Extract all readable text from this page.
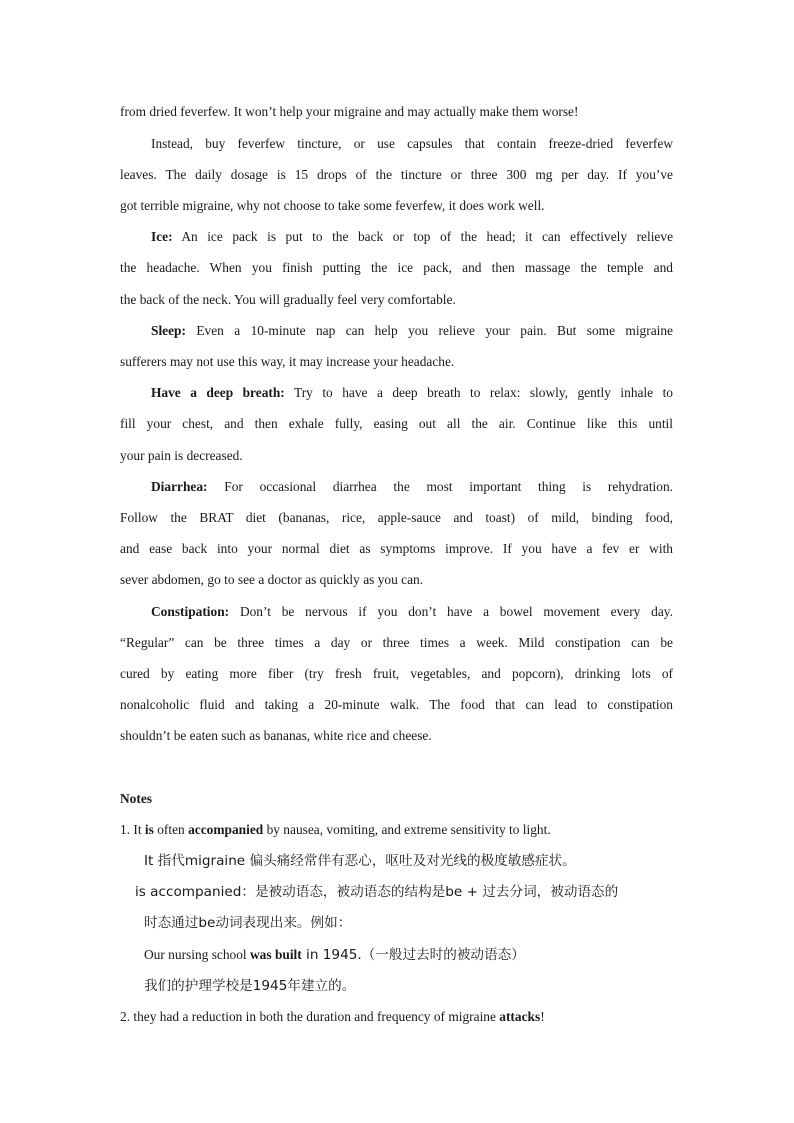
from dried feverfew. It won’t help your migraine and may actually make them worse!
Instead, buy feverfew tincture, or use capsules that contain freeze-dried feverfew
leaves. The daily dosage is 15 drops of the tincture or three 300 mg per day. If you’ve
got terrible migraine, why not choose to take some feverfew, it does work well.
Ice: An ice pack is put to the back or top of the head; it can effectively relieve
the headache. When you finish putting the ice pack, and then massage the temple and
the back of the neck. You will gradually feel very comfortable.
Sleep: Even a 10-minute nap can help you relieve your pain. But some migraine
sufferers may not use this way, it may increase your headache.
Have a deep breath: Try to have a deep breath to relax: slowly, gently inhale to
fill your chest, and then exhale fully, easing out all the air. Continue like this until
your pain is decreased.
Diarrhea: For occasional diarrhea the most important thing is rehydration.
Follow the BRAT diet (bananas, rice, apple-sauce and toast) of mild, binding food,
and ease back into your normal diet as symptoms improve. If you have a fev er with
sever abdomen, go to see a doctor as quickly as you can.
Constipation: Don’t be nervous if you don’t have a bowel movement every day.
“Regular” can be three times a day or three times a week. Mild constipation can be
cured by eating more fiber (try fresh fruit, vegetables, and popcorn), drinking lots of
nonalcoholic fluid and taking a 20-minute walk. The food that can lead to constipation
shouldn’t be eaten such as bananas, white rice and cheese.
Notes
1. It is often accompanied by nausea, vomiting, and extreme sensitivity to light.
It 指代migraine 偏头痛经常伴有恶心，呕吐及对光线的极度敏感症状。
is accompanied：是被动语态，被动语态的结构是be + 过去分词，被动语态的
时态通过be动词表现出来。例如：
Our nursing school was built in 1945.（一般过去时的被动语态）
我们的护理学校是1945年建立的。
2. they had a reduction in both the duration and frequency of migraine attacks!
